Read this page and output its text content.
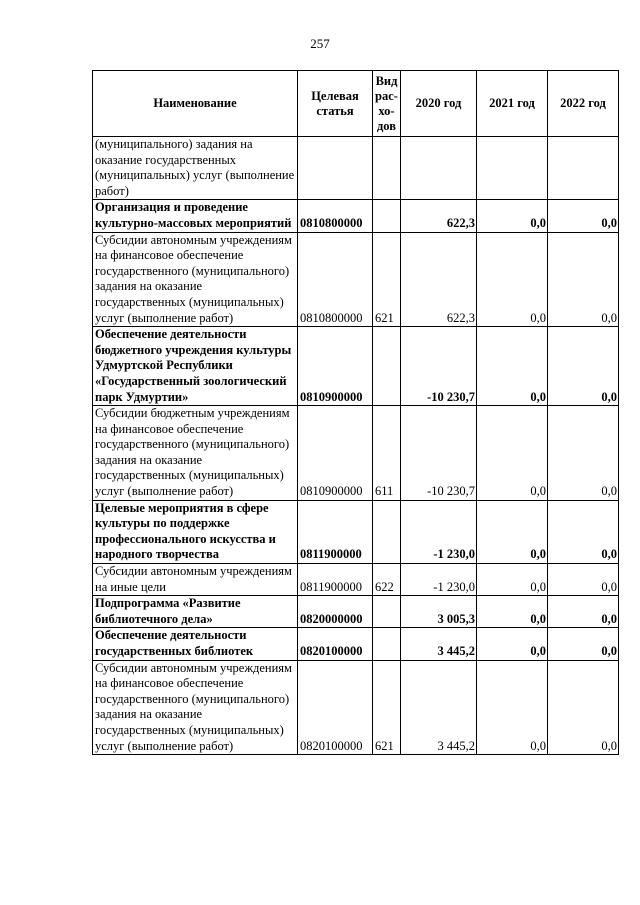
257
Наименование	Целевая статья	Вид рас-хо-дов	2020 год	2021 год	2022 год
(муниципального) задания на оказание государственных (муниципальных) услуг (выполнение работ)					
Организация и проведение культурно-массовых мероприятий	0810800000		622,3	0,0	0,0
Субсидии автономным учреждениям на финансовое обеспечение государственного (муниципального) задания на оказание государственных (муниципальных) услуг (выполнение работ)	0810800000	621	622,3	0,0	0,0
Обеспечение деятельности бюджетного учреждения культуры Удмуртской Республики «Государственный зоологический парк Удмуртии»	0810900000		-10 230,7	0,0	0,0
Субсидии бюджетным учреждениям на финансовое обеспечение государственного (муниципального) задания на оказание государственных (муниципальных) услуг (выполнение работ)	0810900000	611	-10 230,7	0,0	0,0
Целевые мероприятия в сфере культуры по поддержке профессионального искусства и народного творчества	0811900000		-1 230,0	0,0	0,0
Субсидии автономным учреждениям на иные цели	0811900000	622	-1 230,0	0,0	0,0
Подпрограмма «Развитие библиотечного дела»	0820000000		3 005,3	0,0	0,0
Обеспечение деятельности государственных библиотек	0820100000		3 445,2	0,0	0,0
Субсидии автономным учреждениям на финансовое обеспечение государственного (муниципального) задания на оказание государственных (муниципальных) услуг (выполнение работ)	0820100000	621	3 445,2	0,0	0,0
